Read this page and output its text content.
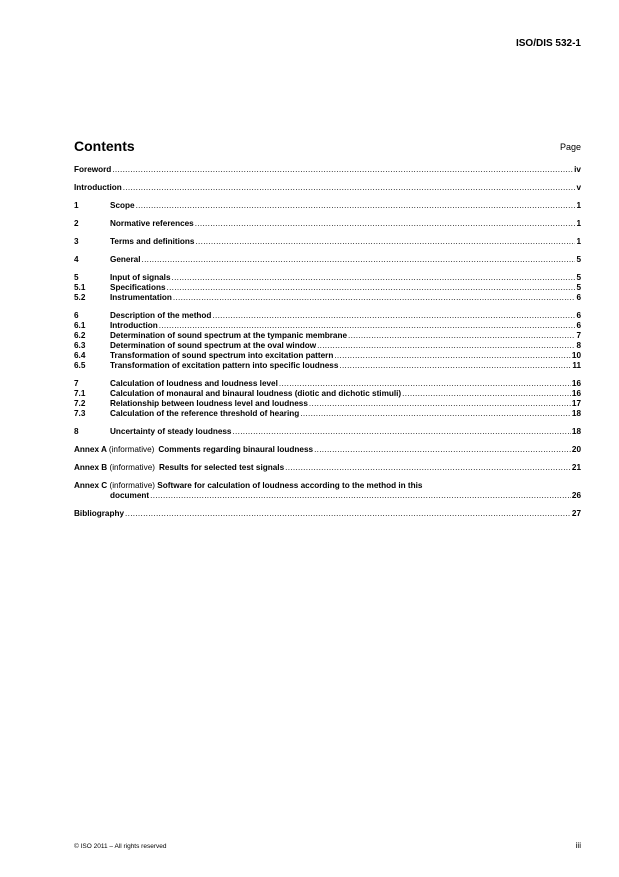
ISO/DIS 532-1
Contents	Page
Foreword .....	iv
Introduction .....	v
1	Scope .....	1
2	Normative references .....	1
3	Terms and definitions .....	1
4	General .....	5
5	Input of signals .....	5
5.1	Specifications .....	5
5.2	Instrumentation .....	6
6	Description of the method .....	6
6.1	Introduction .....	6
6.2	Determination of sound spectrum at the tympanic membrane .....	7
6.3	Determination of sound spectrum at the oval window .....	8
6.4	Transformation of sound spectrum into excitation pattern .....	10
6.5	Transformation of excitation pattern into specific loudness .....	11
7	Calculation of loudness and loudness level .....	16
7.1	Calculation of monaural and binaural loudness (diotic and dichotic stimuli) .....	16
7.2	Relationship between loudness level and loudness .....	17
7.3	Calculation of the reference threshold of hearing .....	18
8	Uncertainty of steady loudness .....	18
Annex A (informative) Comments regarding binaural loudness .....	20
Annex B (informative) Results for selected test signals .....	21
Annex C (informative) Software for calculation of loudness according to the method in this
document .....	26
Bibliography .....	27
© ISO 2011 – All rights reserved	iii
